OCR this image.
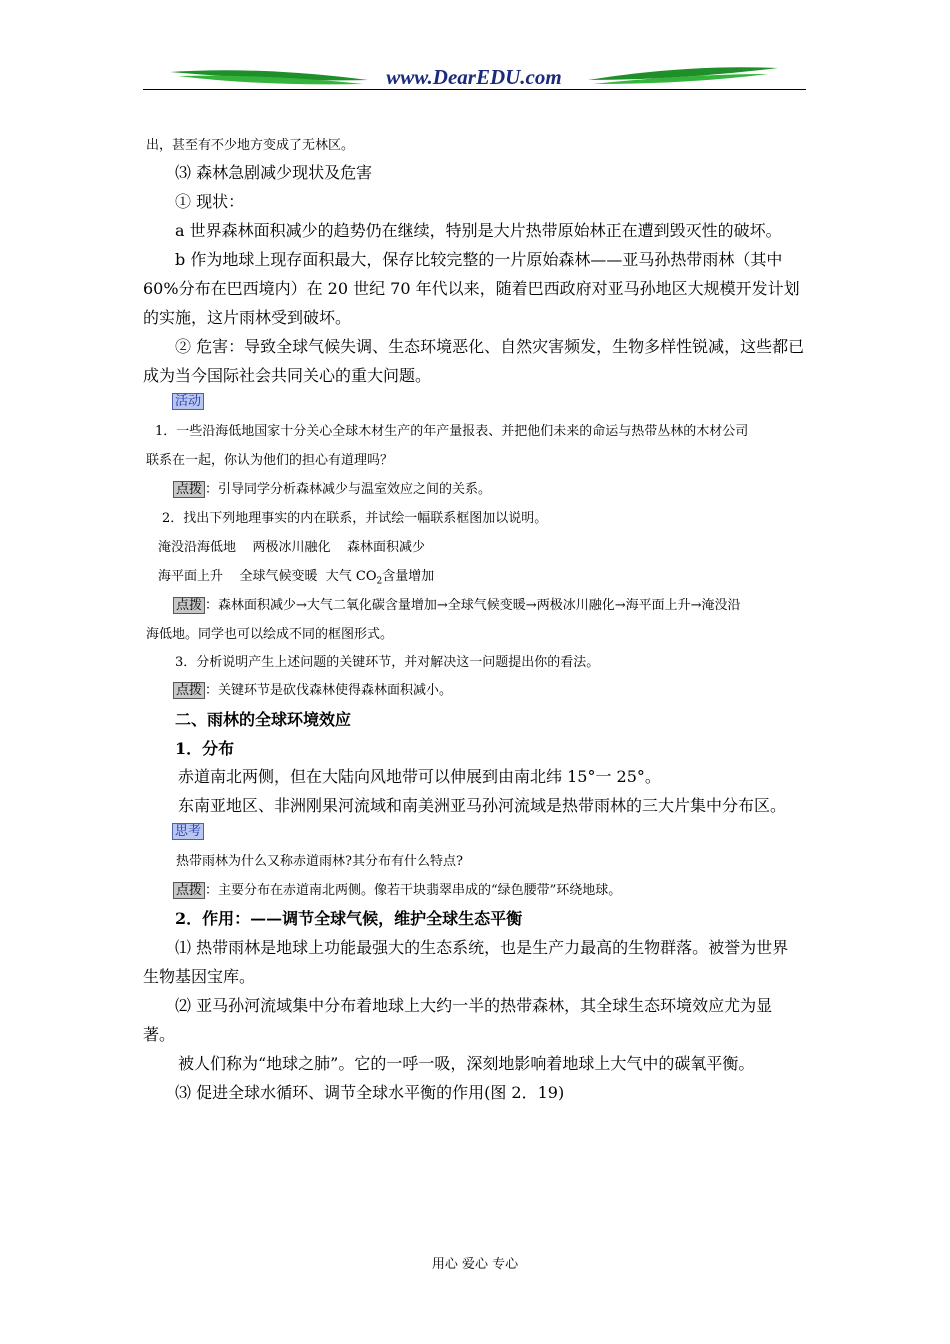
www.DearEDU.com
出，甚至有不少地方变成了无林区。
⑶ 森林急剧减少现状及危害
① 现状：
a 世界森林面积减少的趋势仍在继续，特别是大片热带原始林正在遭到毁灭性的破坏。
b 作为地球上现存面积最大，保存比较完整的一片原始森林——亚马孙热带雨林（其中
60%分布在巴西境内）在 20 世纪 70 年代以来，随着巴西政府对亚马孙地区大规模开发计划
的实施，这片雨林受到破坏。
② 危害：导致全球气候失调、生态环境恶化、自然灾害频发，生物多样性锐减，这些都已
成为当今国际社会共同关心的重大问题。
活动
1．一些沿海低地国家十分关心全球木材生产的年产量报表、并把他们未来的命运与热带丛林的木材公司
联系在一起，你认为他们的担心有道理吗？
点拨 ：引导同学分析森林减少与温室效应之间的关系。
2．找出下列地理事实的内在联系，并试绘一幅联系框图加以说明。
淹没沿海低地    两极冰川融化    森林面积减少
海平面上升    全球气候变暖  大气 $CO_2$含量增加
点拨 ：森林面积减少→大气二氧化碳含量增加→全球气候变暖→两极冰川融化→海平面上升→淹没沿
海低地。同学也可以绘成不同的框图形式。
3．分析说明产生上述问题的关键环节，并对解决这一问题提出你的看法。
点拨 ：关键环节是砍伐森林使得森林面积减小。
二、雨林的全球环境效应
1．分布
赤道南北两侧，但在大陆向风地带可以伸展到由南北纬 15°一 25°。
东南亚地区、非洲刚果河流域和南美洲亚马孙河流域是热带雨林的三大片集中分布区。
思考
热带雨林为什么又称赤道雨林?其分布有什么特点?
点拨 ：主要分布在赤道南北两侧。像若干块翡翠串成的“绿色腰带”环绕地球。
2．作用：——调节全球气候，维护全球生态平衡
⑴ 热带雨林是地球上功能最强大的生态系统，也是生产力最高的生物群落。被誉为世界
生物基因宝库。
⑵ 亚马孙河流域集中分布着地球上大约一半的热带森林，其全球生态环境效应尤为显
著。
被人们称为“地球之肺”。它的一呼一吸，深刻地影响着地球上大气中的碳氧平衡。
⑶ 促进全球水循环、调节全球水平衡的作用(图 2．19)
用心 爱心 专心
